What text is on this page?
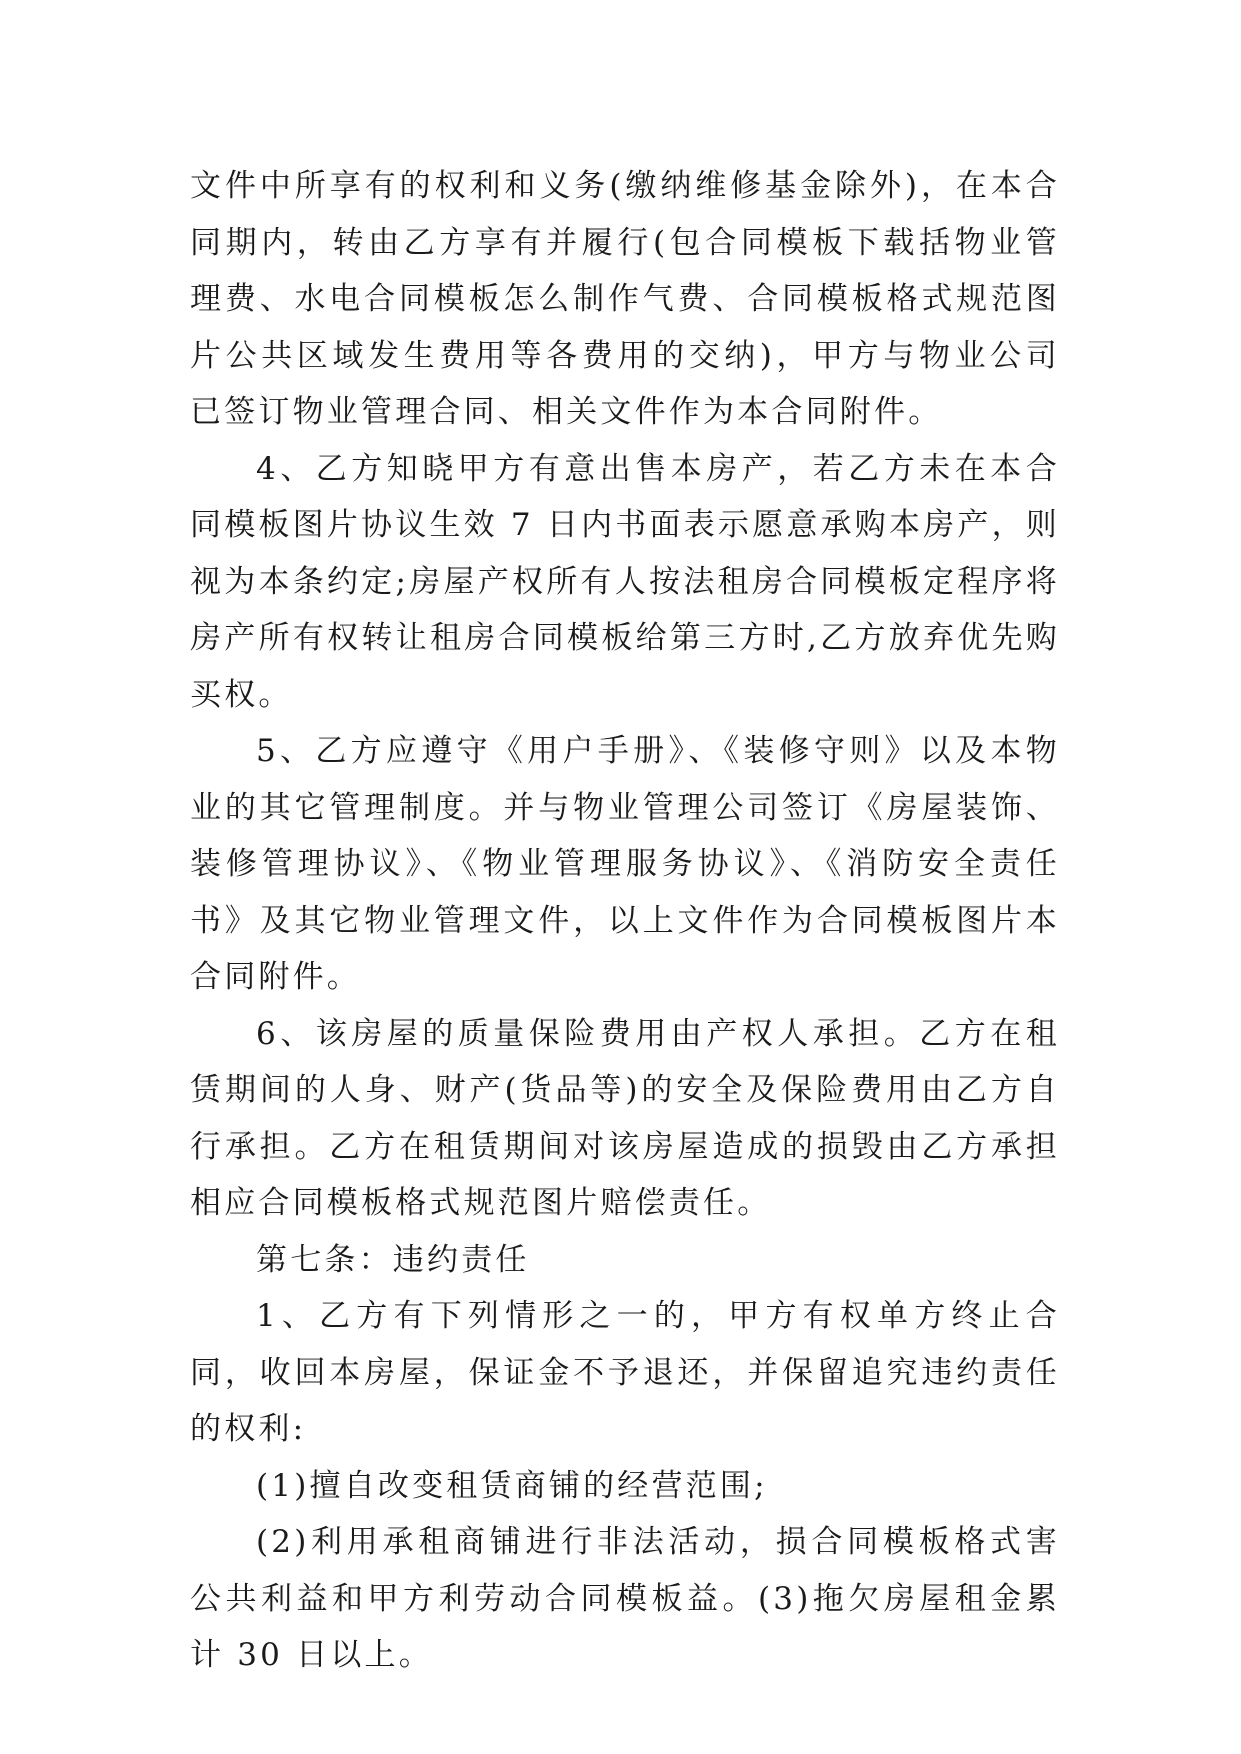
文件中所享有的权利和义务(缴纳维修基金除外)，在本合同期内，转由乙方享有并履行(包合同模板下载括物业管理费、水电合同模板怎么制作气费、合同模板格式规范图片公共区域发生费用等各费用的交纳)，甲方与物业公司已签订物业管理合同、相关文件作为本合同附件。

4、乙方知晓甲方有意出售本房产，若乙方未在本合同模板图片协议生效 7 日内书面表示愿意承购本房产，则视为本条约定;房屋产权所有人按法租房合同模板定程序将房产所有权转让租房合同模板给第三方时,乙方放弃优先购买权。

5、乙方应遵守《用户手册》、《装修守则》以及本物业的其它管理制度。并与物业管理公司签订《房屋装饰、装修管理协议》、《物业管理服务协议》、《消防安全责任书》及其它物业管理文件，以上文件作为合同模板图片本合同附件。

6、该房屋的质量保险费用由产权人承担。乙方在租赁期间的人身、财产(货品等)的安全及保险费用由乙方自行承担。乙方在租赁期间对该房屋造成的损毁由乙方承担相应合同模板格式规范图片赔偿责任。

第七条：违约责任

1、乙方有下列情形之一的，甲方有权单方终止合同，收回本房屋，保证金不予退还，并保留追究违约责任的权利:

(1)擅自改变租赁商铺的经营范围;

(2)利用承租商铺进行非法活动，损合同模板格式害公共利益和甲方利劳动合同模板益。(3)拖欠房屋租金累计 30 日以上。
